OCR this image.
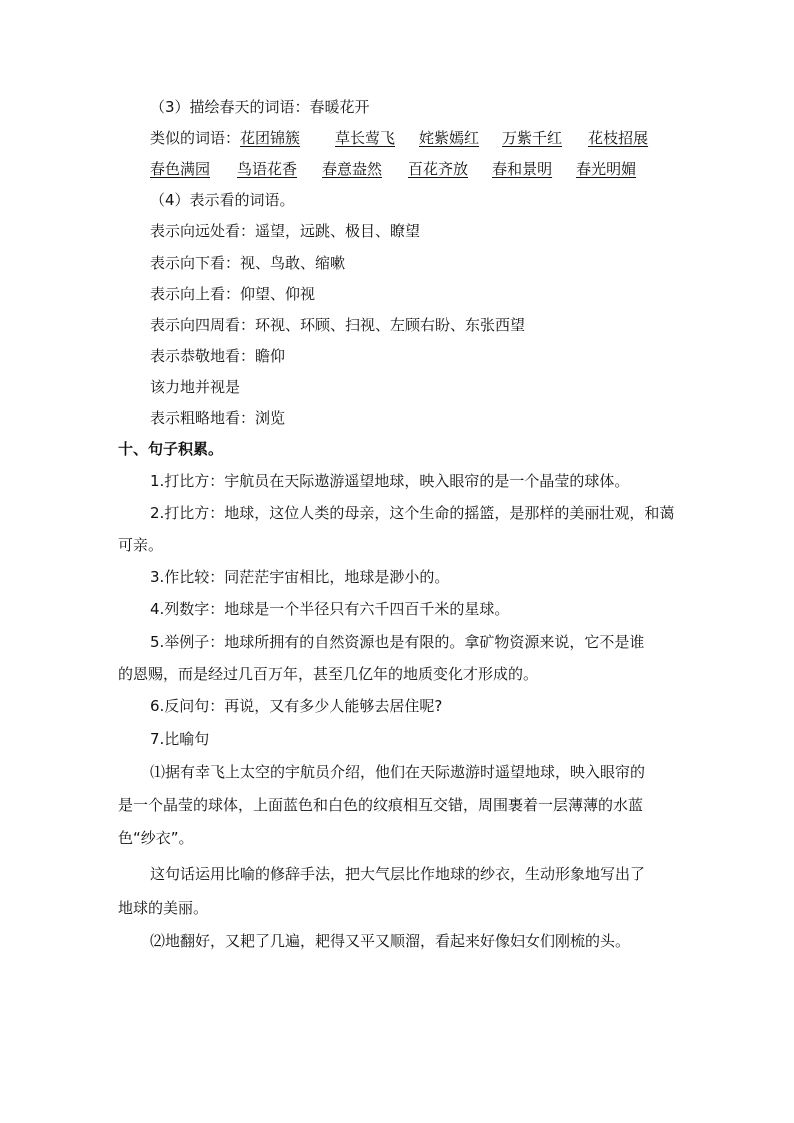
（3）描绘春天的词语：春暖花开
类似的词语：花团锦簇 草长莺飞 姹紫嫣红 万紫千红 花枝招展
春色满园 鸟语花香 春意盎然 百花齐放 春和景明 春光明媚
（4）表示看的词语。
表示向远处看：遥望，远跳、极目、瞭望
表示向下看：视、鸟敢、缩嗽
表示向上看：仰望、仰视
表示向四周看：环视、环顾、扫视、左顾右盼、东张西望
表示恭敬地看：瞻仰
该力地并视是
表示粗略地看：浏览
十、句子积累。
1.打比方：宇航员在天际遨游遥望地球，映入眼帘的是一个晶莹的球体。
2.打比方：地球，这位人类的母亲，这个生命的摇篮，是那样的美丽壮观，和蔼
可亲。
3.作比较：同茫茫宇宙相比，地球是渺小的。
4.列数字：地球是一个半径只有六千四百千米的星球。
5.举例子：地球所拥有的自然资源也是有限的。拿矿物资源来说，它不是谁
的恩赐，而是经过几百万年，甚至几亿年的地质变化才形成的。
6.反问句：再说，又有多少人能够去居住呢?
7.比喻句
⑴据有幸飞上太空的宇航员介绍，他们在天际遨游时遥望地球，映入眼帘的
是一个晶莹的球体，上面蓝色和白色的纹痕相互交错，周围裹着一层薄薄的水蓝
色“纱衣”。
这句话运用比喻的修辞手法，把大气层比作地球的纱衣，生动形象地写出了
地球的美丽。
⑵地翻好，又耙了几遍，耙得又平又顺溜，看起来好像妇女们刚梳的头。
